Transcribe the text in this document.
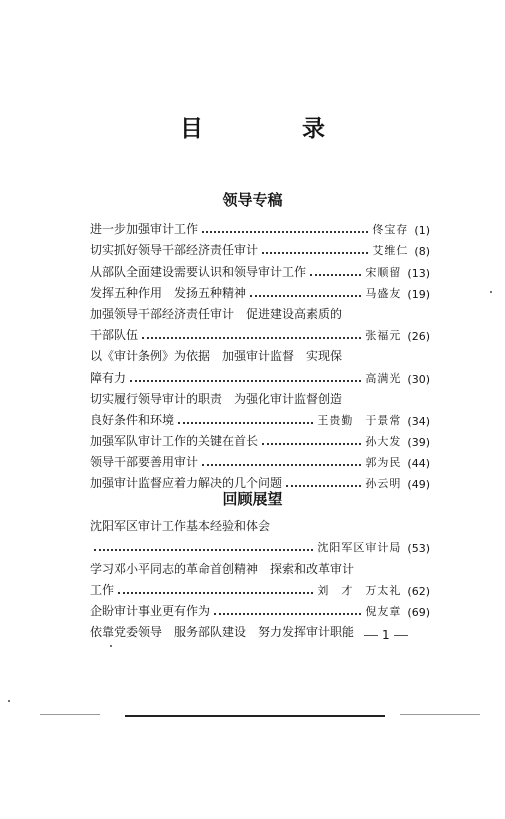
目　录
领导专稿
进一步加强审计工作	佟宝存 (1)
切实抓好领导干部经济责任审计	艾维仁 (8)
从部队全面建设需要认识和领导审计工作	宋顺留 (13)
发挥五种作用　发扬五种精神	马盛友 (19)
加强领导干部经济责任审计　促进建设高素质的
干部队伍	张福元 (26)
以《审计条例》为依据　加强审计监督　实现保
障有力	高满光 (30)
切实履行领导审计的职责　为强化审计监督创造
良好条件和环境	王贵勤　于景常 (34)
加强军队审计工作的关键在首长	孙大发 (39)
领导干部要善用审计	郭为民 (44)
加强审计监督应着力解决的几个问题	孙云明 (49)
回顾展望
沈阳军区审计工作基本经验和体会
沈阳军区审计局 (53)
学习邓小平同志的革命首创精神　探索和改革审计
工作	刘　才　万太礼 (62)
企盼审计事业更有作为	倪友章 (69)
依靠党委领导　服务部队建设　努力发挥审计职能	1
